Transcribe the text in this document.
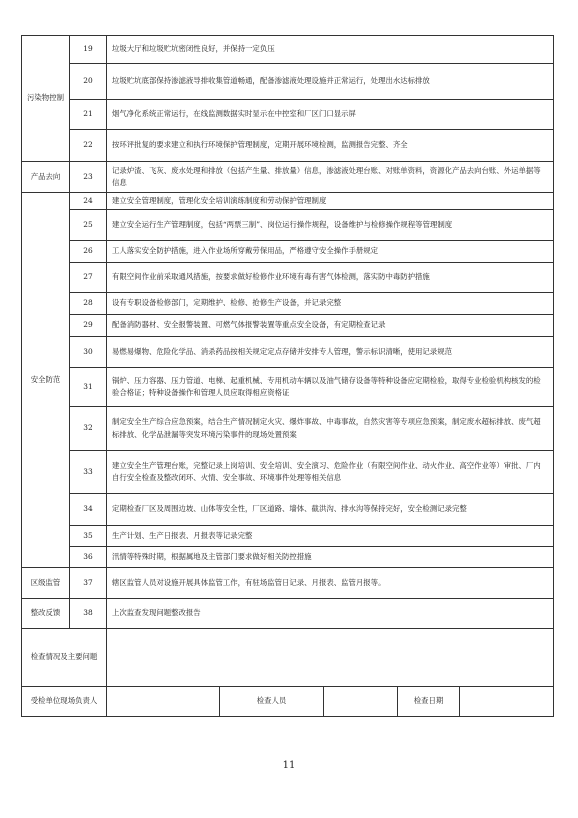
污染物控制	19	垃圾大厅和垃圾贮坑密闭性良好，并保持一定负压				
	20	垃圾贮坑底部保持渗滤液导排收集管道畅通，配备渗滤液处理设施并正常运行，处理出水达标排放				
	21	烟气净化系统正常运行，在线监测数据实时显示在中控室和厂区门口显示屏				
	22	按环评批复的要求建立和执行环境保护管理制度，定期开展环境检测，监测报告完整、齐全				
产品去向	23	记录炉渣、飞灰、废水处理和排放（包括产生量、排放量）信息，渗滤液处理台账、对账单资料，资源化产品去向台账、外运单据等信息				
安全防范	24	建立安全管理制度，管理化安全培训演练制度和劳动保护管理制度				
	25	建立安全运行生产管理制度，包括“两票三制”、岗位运行操作规程，设备维护与检修操作规程等管理制度				
	26	工人落实安全防护措施，进入作业场所穿戴劳保用品，严格遵守安全操作手册规定				
	27	有限空间作业前采取通风措施，按要求做好检修作业环境有毒有害气体检测，落实防中毒防护措施				
	28	设有专职设备检修部门，定期维护、检修、抢修生产设备，并记录完整				
	29	配备消防器材、安全报警装置、可燃气体报警装置等重点安全设备，有定期检查记录				
	30	易燃易爆物、危险化学品、消杀药品按相关规定定点存储并安排专人管理，警示标识清晰，使用记录规范				
	31	锅炉、压力容器、压力管道、电梯、起重机械、专用机动车辆以及油气储存设备等特种设备应定期检验，取得专业检验机构核发的检验合格证；特种设备操作和管理人员应取得相应资格证				
	32	制定安全生产综合应急预案，结合生产情况制定火灾、爆炸事故、中毒事故，自然灾害等专项应急预案，制定废水超标排放、废气超标排放、化学品泄漏等突发环境污染事件的现场处置预案				
	33	建立安全生产管理台账，完整记录上岗培训、安全培训、安全演习、危险作业（有限空间作业、动火作业、高空作业等）审批、厂内自行安全检查及整改闭环、火情、安全事故、环境事件处理等相关信息				
	34	定期检查厂区及周围边坡、山体等安全性，厂区道路、墙体、截洪沟、排水沟等保持完好，安全检测记录完整				
	35	生产计划、生产日报表、月报表等记录完整				
	36	汛情等特殊时期，根据属地及主管部门要求做好相关防控措施				
区级监管	37	辖区监管人员对设施开展具体监管工作，有驻场监管日记录、月报表、监管月报等。				
整改反馈	38	上次监查发现问题整改报告				
检查情况及主要问题						
受检单位现场负责人			检查人员		检查日期	
11
